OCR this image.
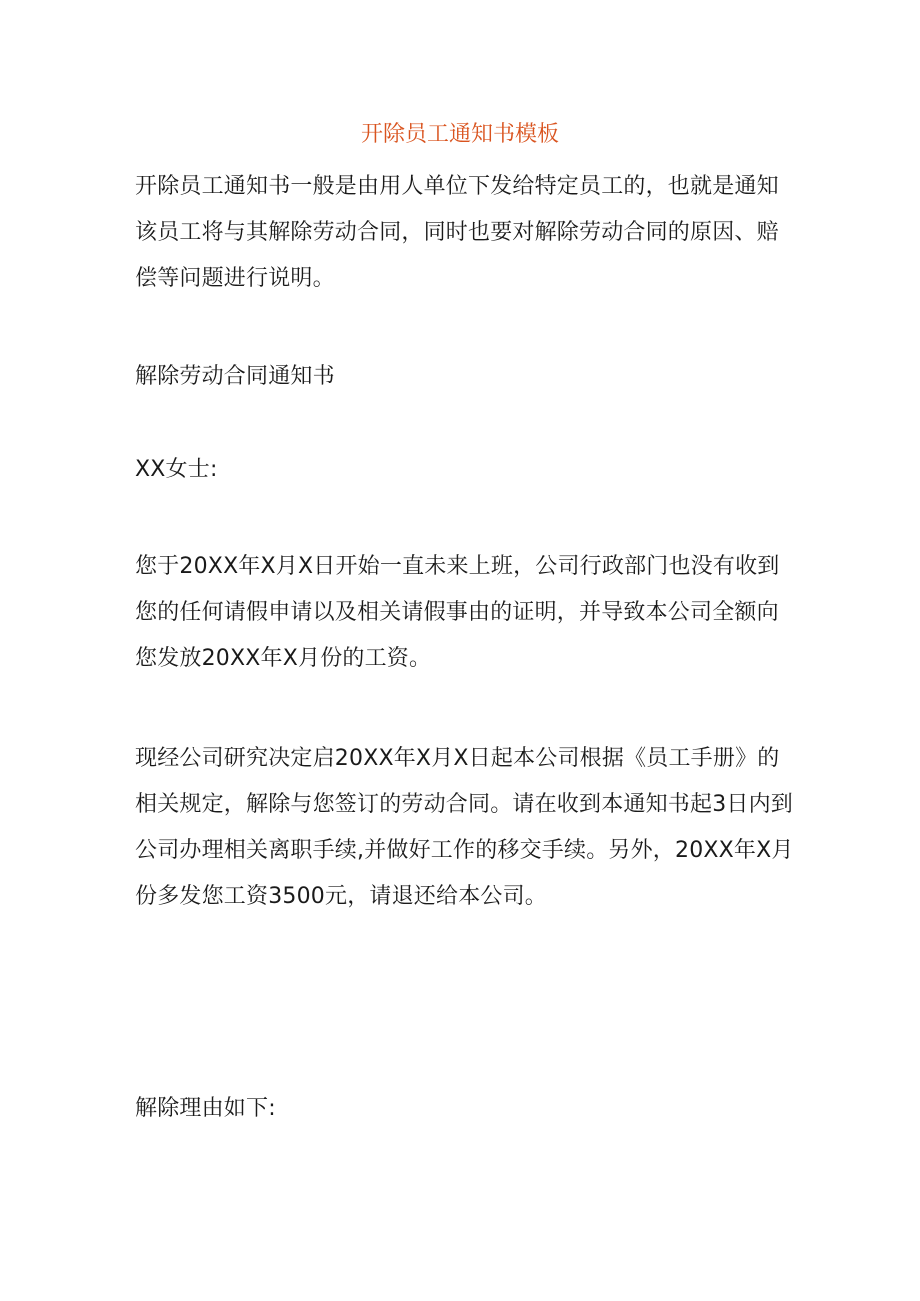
开除员工通知书模板

开除员工通知书一般是由用人单位下发给特定员工的，也就是通知该员工将与其解除劳动合同，同时也要对解除劳动合同的原因、赔偿等问题进行说明。

解除劳动合同通知书

XX女士:

您于20XX年X月X日开始一直未来上班，公司行政部门也没有收到您的任何请假申请以及相关请假事由的证明，并导致本公司全额向您发放20XX年X月份的工资。

现经公司研究决定启20XX年X月X日起本公司根据《员工手册》的相关规定，解除与您签订的劳动合同。请在收到本通知书起3日内到公司办理相关离职手续,并做好工作的移交手续。另外，20XX年X月份多发您工资3500元，请退还给本公司。

解除理由如下:
